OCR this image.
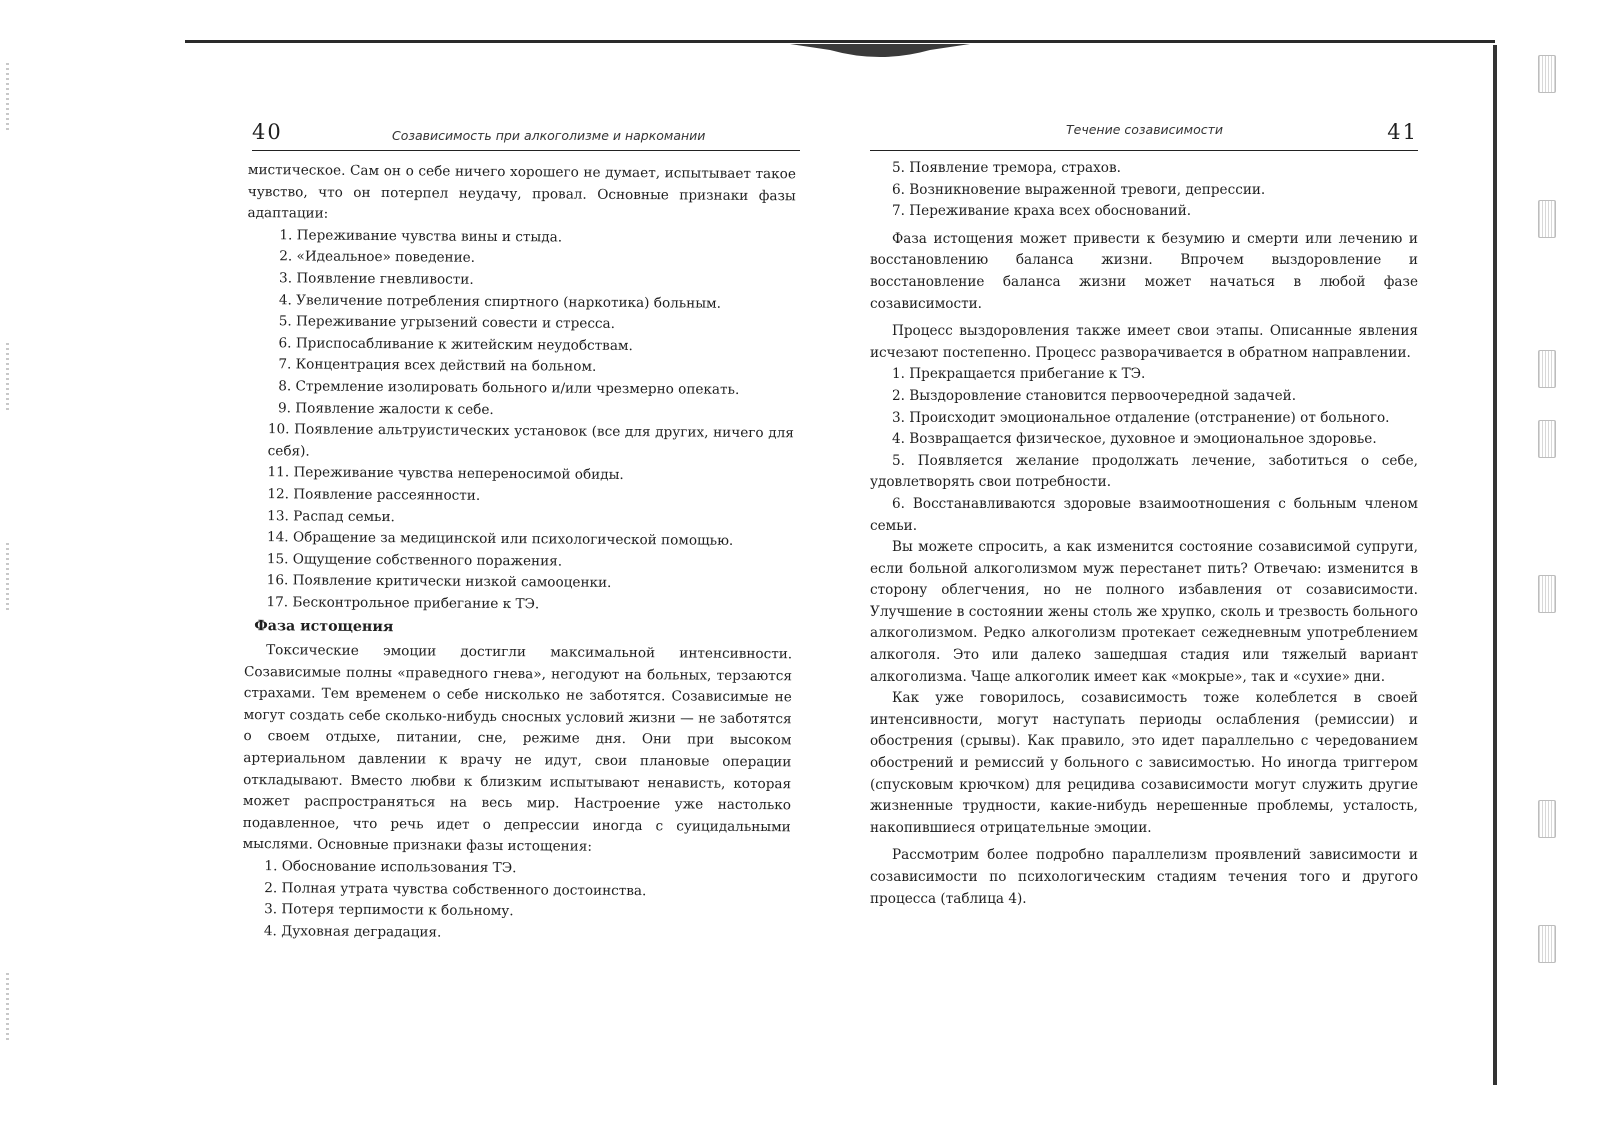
40	Созависимость при алкоголизме и наркомании

мистическое. Сам он о себе ничего хорошего не думает, испытывает такое чувство, что он потерпел неудачу, провал. Основные признаки фазы адаптации:

1. Переживание чувства вины и стыда.

2. «Идеальное» поведение.

3. Появление гневливости.

4. Увеличение потребления спиртного (наркотика) больным.

5. Переживание угрызений совести и стресса.

6. Приспосабливание к житейским неудобствам.

7. Концентрация всех действий на больном.

8. Стремление изолировать больного и/или чрезмерно опекать.

9. Появление жалости к себе.

10. Появление альтруистических установок (все для других, ничего для себя).

11. Переживание чувства непереносимой обиды.

12. Появление рассеянности.

13. Распад семьи.

14. Обращение за медицинской или психологической помощью.

15. Ощущение собственного поражения.

16. Появление критически низкой самооценки.

17. Бесконтрольное прибегание к ТЭ.

Фаза истощения

Токсические эмоции достигли максимальной интенсивности. Созависимые полны «праведного гнева», негодуют на больных, терзаются страхами. Тем временем о себе нисколько не заботятся. Созависимые не могут создать себе сколько-нибудь сносных условий жизни — не заботятся о своем отдыхе, питании, сне, режиме дня. Они при высоком артериальном давлении к врачу не идут, свои плановые операции откладывают. Вместо любви к близким испытывают ненависть, которая может распространяться на весь мир. Настроение уже настолько подавленное, что речь идет о депрессии иногда с суицидальными мыслями. Основные признаки фазы истощения:

1. Обоснование использования ТЭ.

2. Полная утрата чувства собственного достоинства.

3. Потеря терпимости к больному.

4. Духовная деградация.

Течение созависимости	41

5. Появление тремора, страхов.

6. Возникновение выраженной тревоги, депрессии.

7. Переживание краха всех обоснований.

Фаза истощения может привести к безумию и смерти или лечению и восстановлению баланса жизни. Впрочем выздоровление и восстановление баланса жизни может начаться в любой фазе созависимости.

Процесс выздоровления также имеет свои этапы. Описанные явления исчезают постепенно. Процесс разворачивается в обратном направлении.

1. Прекращается прибегание к ТЭ.

2. Выздоровление становится первоочередной задачей.

3. Происходит эмоциональное отдаление (отстранение) от больного.

4. Возвращается физическое, духовное и эмоциональное здоровье.

5. Появляется желание продолжать лечение, заботиться о себе, удовлетворять свои потребности.

6. Восстанавливаются здоровые взаимоотношения с больным членом семьи.

Вы можете спросить, а как изменится состояние созависимой супруги, если больной алкоголизмом муж перестанет пить? Отвечаю: изменится в сторону облегчения, но не полного избавления от созависимости. Улучшение в состоянии жены столь же хрупко, сколь и трезвость больного алкоголизмом. Редко алкоголизм протекает сежедневным употреблением алкоголя. Это или далеко зашедшая стадия или тяжелый вариант алкоголизма. Чаще алкоголик имеет как «мокрые», так и «сухие» дни.

Как уже говорилось, созависимость тоже колеблется в своей интенсивности, могут наступать периоды ослабления (ремиссии) и обострения (срывы). Как правило, это идет параллельно с чередованием обострений и ремиссий у больного с зависимостью. Но иногда триггером (спусковым крючком) для рецидива созависимости могут служить другие жизненные трудности, какие-нибудь нерешенные проблемы, усталость, накопившиеся отрицательные эмоции.

Рассмотрим более подробно параллелизм проявлений зависимости и созависимости по психологическим стадиям течения того и другого процесса (таблица 4).
